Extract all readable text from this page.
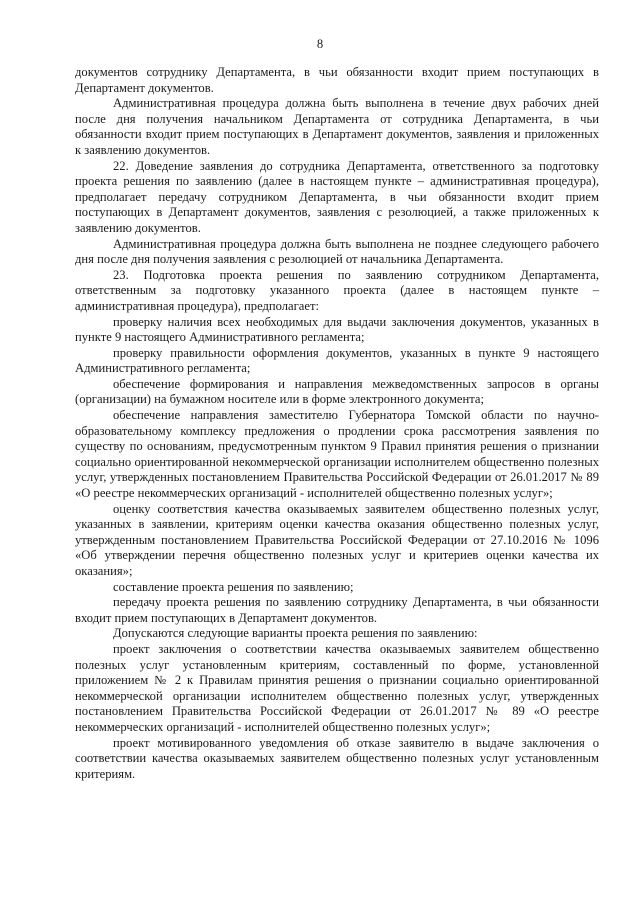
8

документов сотруднику Департамента, в чьи обязанности входит прием поступающих в Департамент документов.

Административная процедура должна быть выполнена в течение двух рабочих дней после дня получения начальником Департамента от сотрудника Департамента, в чьи обязанности входит прием поступающих в Департамент документов, заявления и приложенных к заявлению документов.

22. Доведение заявления до сотрудника Департамента, ответственного за подготовку проекта решения по заявлению (далее в настоящем пункте – административная процедура), предполагает передачу сотрудником Департамента, в чьи обязанности входит прием поступающих в Департамент документов, заявления с резолюцией, а также приложенных к заявлению документов.

Административная процедура должна быть выполнена не позднее следующего рабочего дня после дня получения заявления с резолюцией от начальника Департамента.

23. Подготовка проекта решения по заявлению сотрудником Департамента, ответственным за подготовку указанного проекта (далее в настоящем пункте – административная процедура), предполагает:

проверку наличия всех необходимых для выдачи заключения документов, указанных в пункте 9 настоящего Административного регламента;

проверку правильности оформления документов, указанных в пункте 9 настоящего Административного регламента;

обеспечение формирования и направления межведомственных запросов в органы (организации) на бумажном носителе или в форме электронного документа;

обеспечение направления заместителю Губернатора Томской области по научно-образовательному комплексу предложения о продлении срока рассмотрения заявления по существу по основаниям, предусмотренным пунктом 9 Правил принятия решения о признании социально ориентированной некоммерческой организации исполнителем общественно полезных услуг, утвержденных постановлением Правительства Российской Федерации от 26.01.2017 № 89 «О реестре некоммерческих организаций - исполнителей общественно полезных услуг»;

оценку соответствия качества оказываемых заявителем общественно полезных услуг, указанных в заявлении, критериям оценки качества оказания общественно полезных услуг, утвержденным постановлением Правительства Российской Федерации от 27.10.2016 № 1096 «Об утверждении перечня общественно полезных услуг и критериев оценки качества их оказания»;

составление проекта решения по заявлению;

передачу проекта решения по заявлению сотруднику Департамента, в чьи обязанности входит прием поступающих в Департамент документов.

Допускаются следующие варианты проекта решения по заявлению:

проект заключения о соответствии качества оказываемых заявителем общественно полезных услуг установленным критериям, составленный по форме, установленной приложением № 2 к Правилам принятия решения о признании социально ориентированной некоммерческой организации исполнителем общественно полезных услуг, утвержденных постановлением Правительства Российской Федерации от 26.01.2017 № 89 «О реестре некоммерческих организаций - исполнителей общественно полезных услуг»;

проект мотивированного уведомления об отказе заявителю в выдаче заключения о соответствии качества оказываемых заявителем общественно полезных услуг установленным критериям.
